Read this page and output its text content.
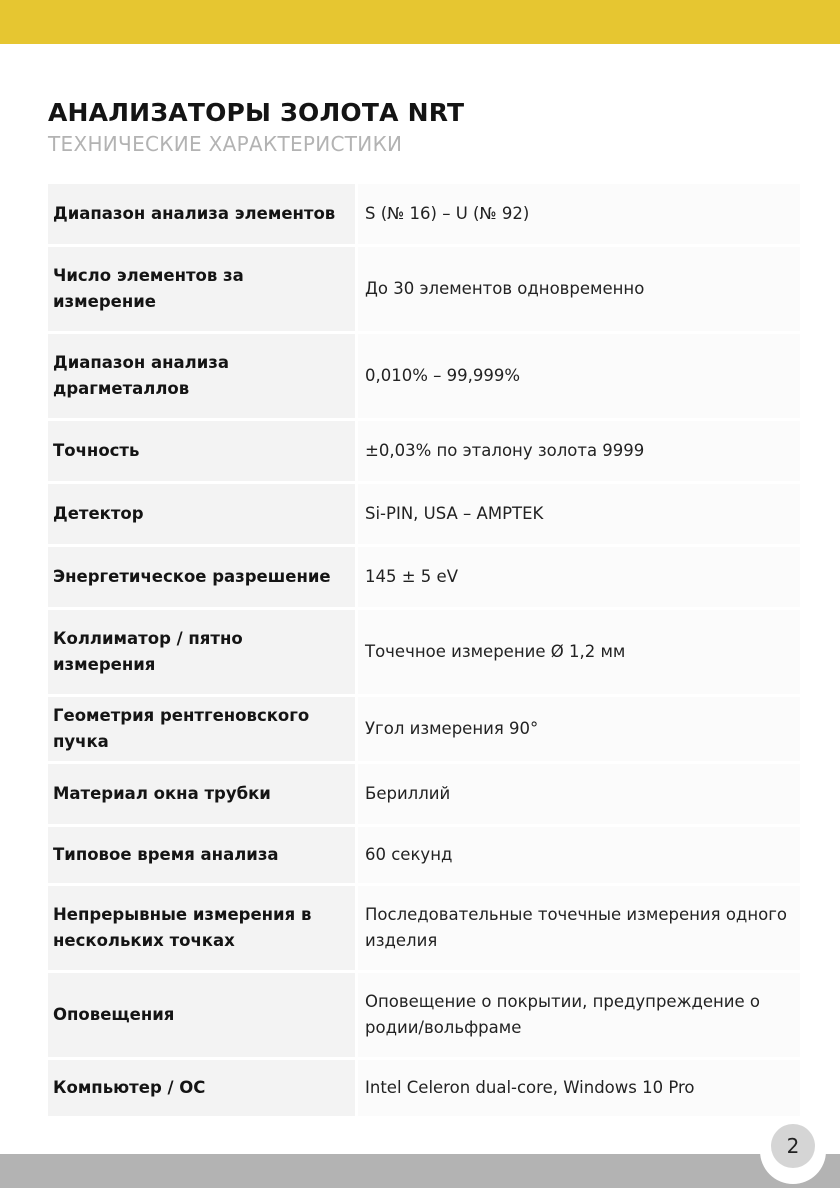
АНАЛИЗАТОРЫ ЗОЛОТА NRT
ТЕХНИЧЕСКИЕ ХАРАКТЕРИСТИКИ
Диапазон анализа элементов	S (№ 16) – U (№ 92)
Число элементов за измерение	До 30 элементов одновременно
Диапазон анализа драгметаллов	0,010% – 99,999%
Точность	±0,03% по эталону золота 9999
Детектор	Si-PIN, USA – AMPTEK
Энергетическое разрешение	145 ± 5 eV
Коллиматор / пятно измерения	Точечное измерение Ø 1,2 мм
Геометрия рентгеновского пучка	Угол измерения 90°
Материал окна трубки	Бериллий
Типовое время анализа	60 секунд
Непрерывные измерения в нескольких точках	Последовательные точечные измерения одного изделия
Оповещения	Оповещение о покрытии, предупреждение о родии/вольфраме
Компьютер / ОС	Intel Celeron dual-core, Windows 10 Pro
2
